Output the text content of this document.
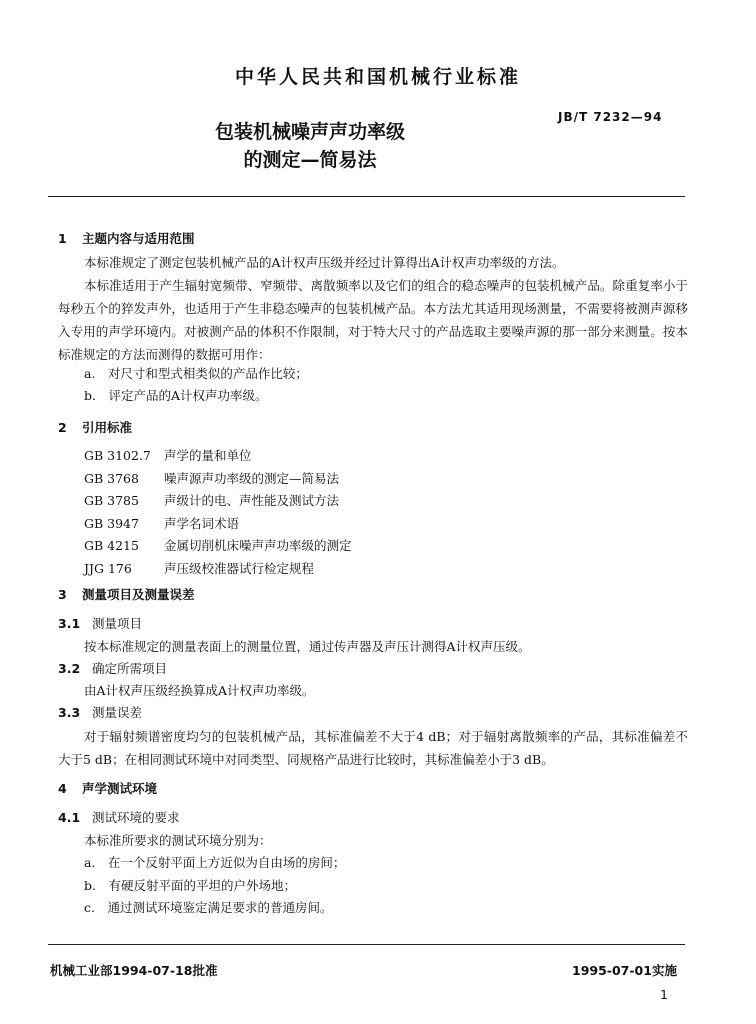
中华人民共和国机械行业标准
JB/T 7232—94
包装机械噪声声功率级
的测定—简易法
1 主题内容与适用范围
本标准规定了测定包装机械产品的A计权声压级并经过计算得出A计权声功率级的方法。
本标准适用于产生辐射宽频带、窄频带、离散频率以及它们的组合的稳态噪声的包装机械产品。除重复率小于每秒五个的猝发声外，也适用于产生非稳态噪声的包装机械产品。本方法尤其适用现场测量，不需要将被测声源移入专用的声学环境内。对被测产品的体积不作限制，对于特大尺寸的产品选取主要噪声源的那一部分来测量。按本标准规定的方法而测得的数据可用作：
a.　对尺寸和型式相类似的产品作比较；
b.　评定产品的A计权声功率级。
2 引用标准
GB 3102.7 声学的量和单位
GB 3768 噪声源声功率级的测定—简易法
GB 3785 声级计的电、声性能及测试方法
GB 3947 声学名词术语
GB 4215 金属切削机床噪声声功率级的测定
JJG 176	声压级校准器试行检定规程
3 测量项目及测量误差
3.1 测量项目
按本标准规定的测量表面上的测量位置，通过传声器及声压计测得A计权声压级。
3.2 确定所需项目
由A计权声压级经换算成A计权声功率级。
3.3 测量误差
对于辐射频谱密度均匀的包装机械产品，其标准偏差不大于4 dB；对于辐射离散频率的产品，其标准偏差不大于5 dB；在相同测试环境中对同类型、同规格产品进行比较时，其标准偏差小于3 dB。
4 声学测试环境
4.1 测试环境的要求
本标准所要求的测试环境分别为：
a.　在一个反射平面上方近似为自由场的房间；
b.　有硬反射平面的平坦的户外场地；
c.　通过测试环境鉴定满足要求的普通房间。
机械工业部1994-07-18批准	1995-07-01实施
1
